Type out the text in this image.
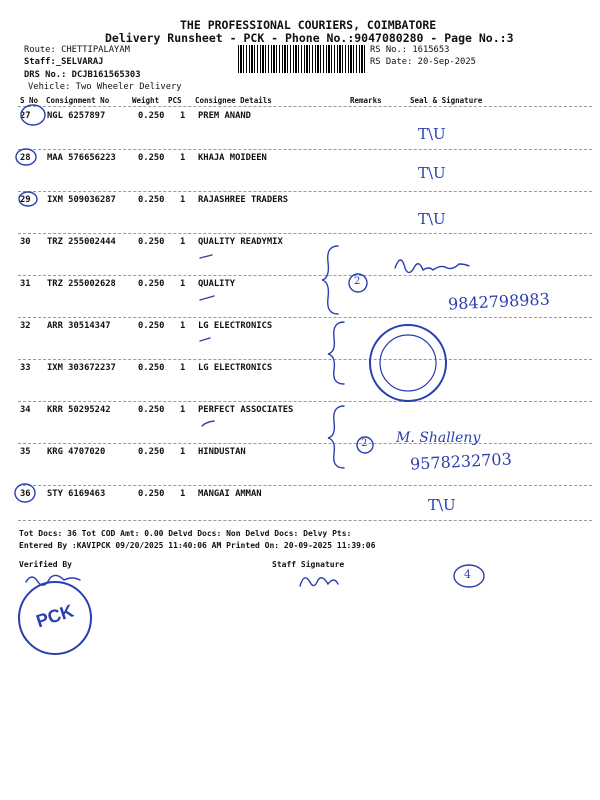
THE PROFESSIONAL COURIERS, COIMBATORE
Delivery Runsheet - PCK - Phone No.:9047080280 - Page No.:3
Route: CHETTIPALAYAM
Staff:_SELVARAJ
DRS No.: DCJB161565303
Vehicle: Two Wheeler Delivery
RS No.: 1615653
RS Date: 20-Sep-2025
S No Consignment No	Weight PCS Consignee Details	Remarks	Seal & Signature
27 NGL 6257897	0.250 1 PREM ANAND
28 MAA 576656223	0.250 1 KHAJA MOIDEEN
29 IXM 509036287	0.250 1 RAJASHREE TRADERS
30 TRZ 255002444	0.250 1 QUALITY READYMIX
31 TRZ 255002628	0.250 1 QUALITY
32 ARR 30514347	0.250 1 LG ELECTRONICS
33 IXM 303672237	0.250 1 LG ELECTRONICS
34 KRR 50295242	0.250 1 PERFECT ASSOCIATES
35 KRG 4707020	0.250 1 HINDUSTAN
36 STY 6169463	0.250 1 MANGAI AMMAN
Tot Docs: 36 Tot COD Amt: 0.00 Delvd Docs: Non Delvd Docs: Delvy Pts:
Entered By :KAVIPCK 09/20/2025 11:40:06 AM Printed On: 20-09-2025 11:39:06
Verified By	Staff Signature
T\U
T\U
T\U
T\U
2
2
9842798983
M. Shalleny
9578232703
4
PCK
